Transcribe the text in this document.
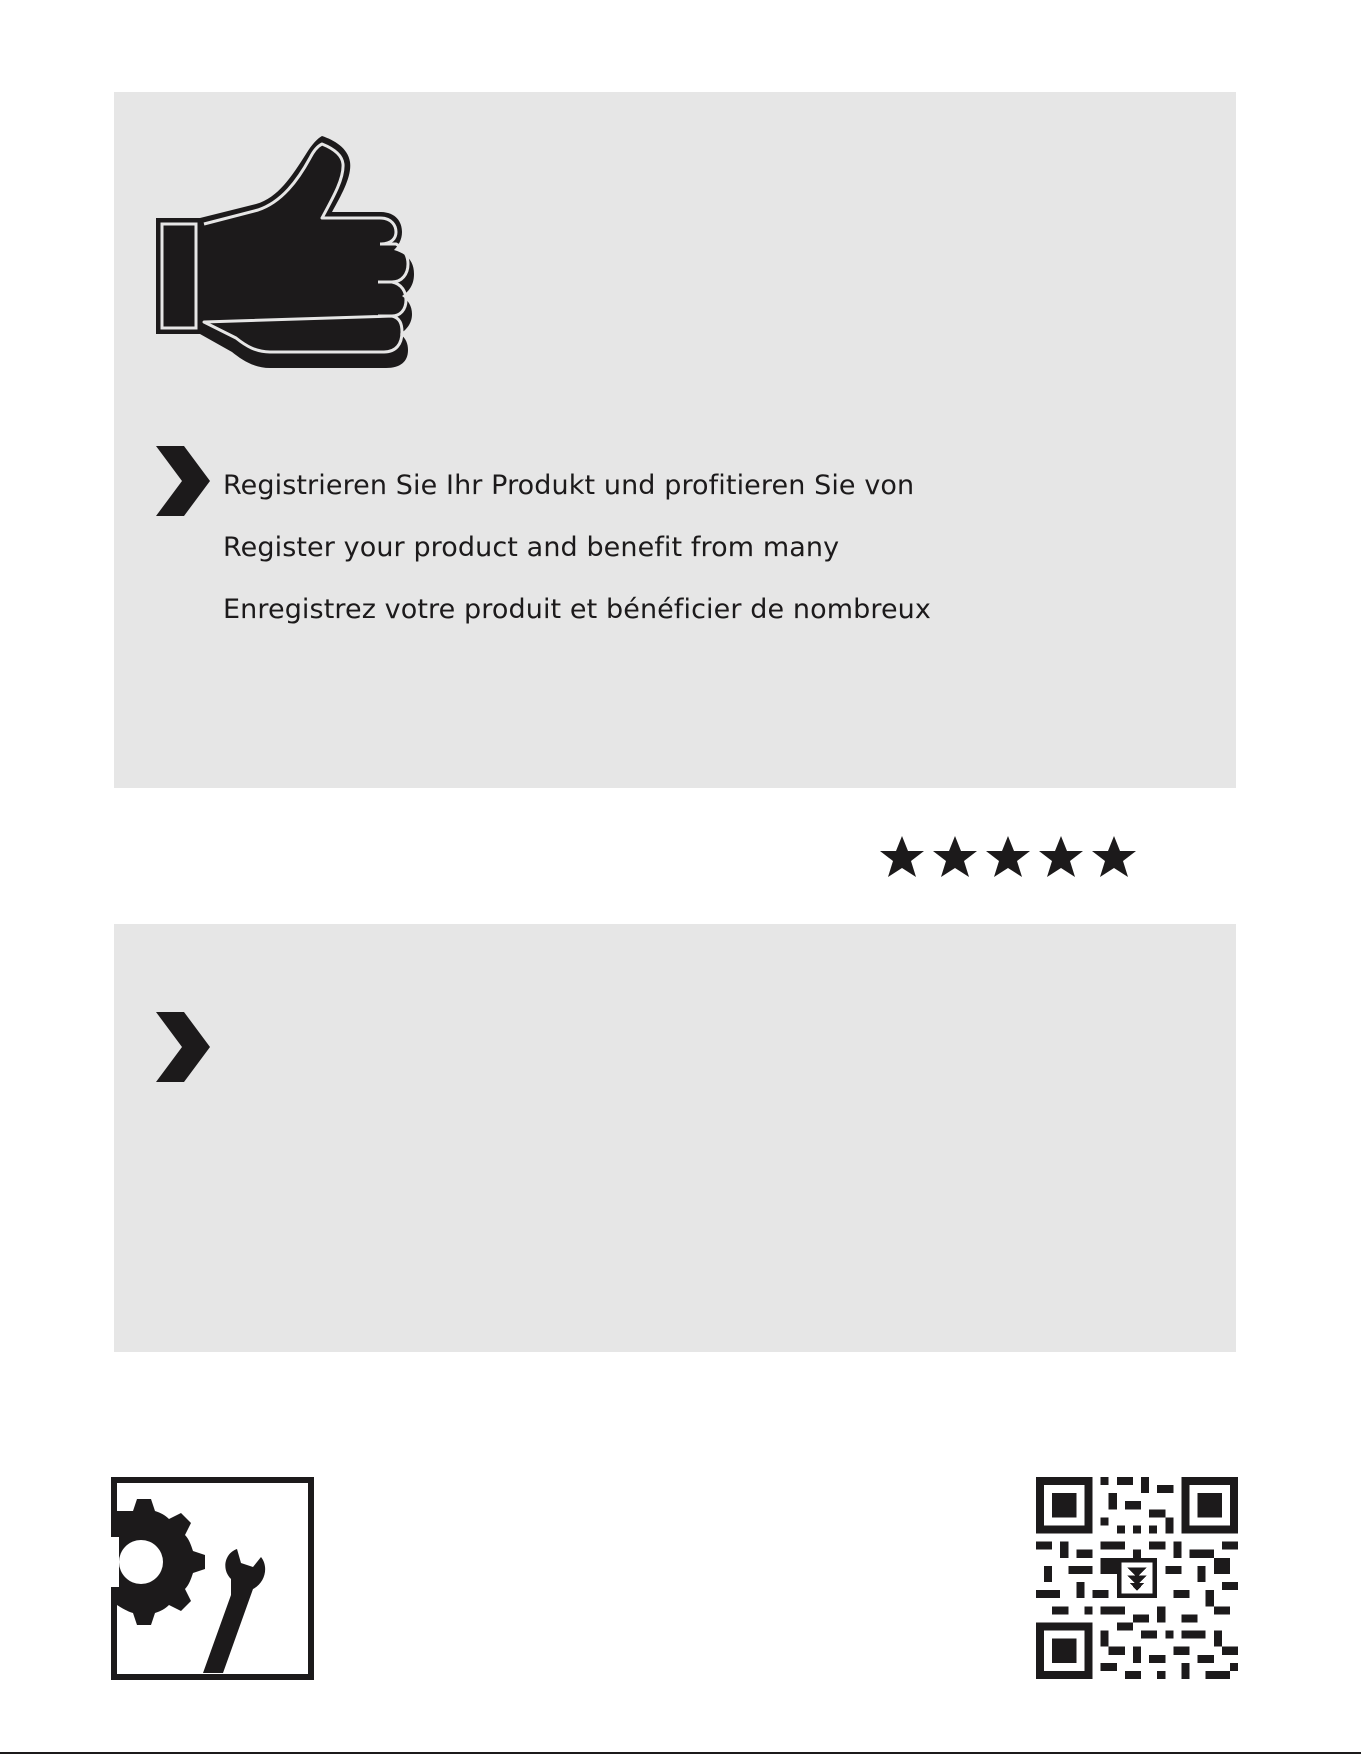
Registrieren Sie Ihr Produkt und profitieren Sie von
Register your product and benefit from many
Enregistrez votre produit et bénéficier de nombreux
